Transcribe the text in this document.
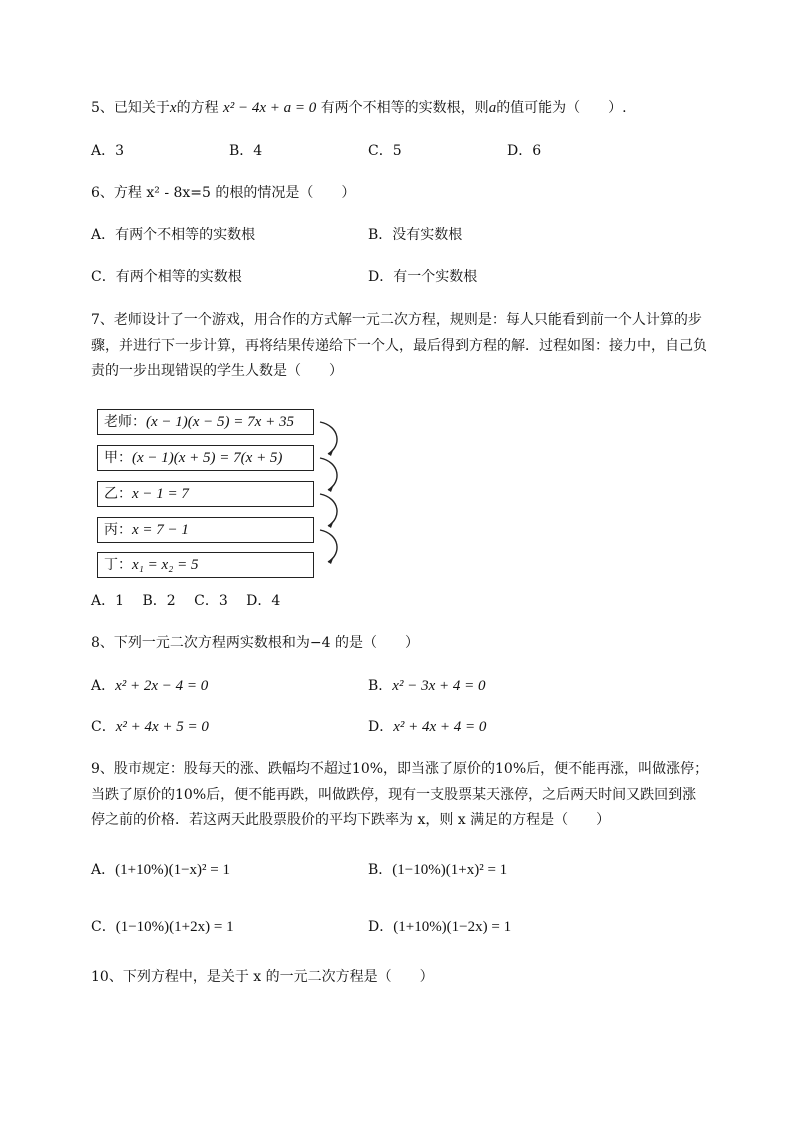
5、已知关于x的方程 x² − 4x + a = 0 有两个不相等的实数根，则a的值可能为（　　）.
A．3	B．4	C．5	D．6
6、方程 x² - 8x=5 的根的情况是（　　）
A．有两个不相等的实数根	B．没有实数根
C．有两个相等的实数根	D．有一个实数根
7、老师设计了一个游戏，用合作的方式解一元二次方程，规则是：每人只能看到前一个人计算的步
骤，并进行下一步计算，再将结果传递给下一个人，最后得到方程的解．过程如图：接力中，自己负
责的一步出现错误的学生人数是（　　）
老师：(x − 1)(x − 5) = 7x + 35
甲：(x − 1)(x + 5) = 7(x + 5)
乙：x − 1 = 7
丙：x = 7 − 1
丁：x₁ = x₂ = 5
A．1　 B．2　 C．3　 D．4
8、下列一元二次方程两实数根和为−4 的是（　　）
A．x² + 2x − 4 = 0	B．x² − 3x + 4 = 0
C．x² + 4x + 5 = 0	D．x² + 4x + 4 = 0
9、股市规定：股每天的涨、跌幅均不超过10%，即当涨了原价的10%后，便不能再涨，叫做涨停；
当跌了原价的10%后，便不能再跌，叫做跌停，现有一支股票某天涨停，之后两天时间又跌回到涨
停之前的价格．若这两天此股票股价的平均下跌率为 x，则 x 满足的方程是（　　）
A．(1+10%)(1−x)² = 1	B．(1−10%)(1+x)² = 1
C．(1−10%)(1+2x) = 1	D．(1+10%)(1−2x) = 1
10、下列方程中，是关于 x 的一元二次方程是（　　）
